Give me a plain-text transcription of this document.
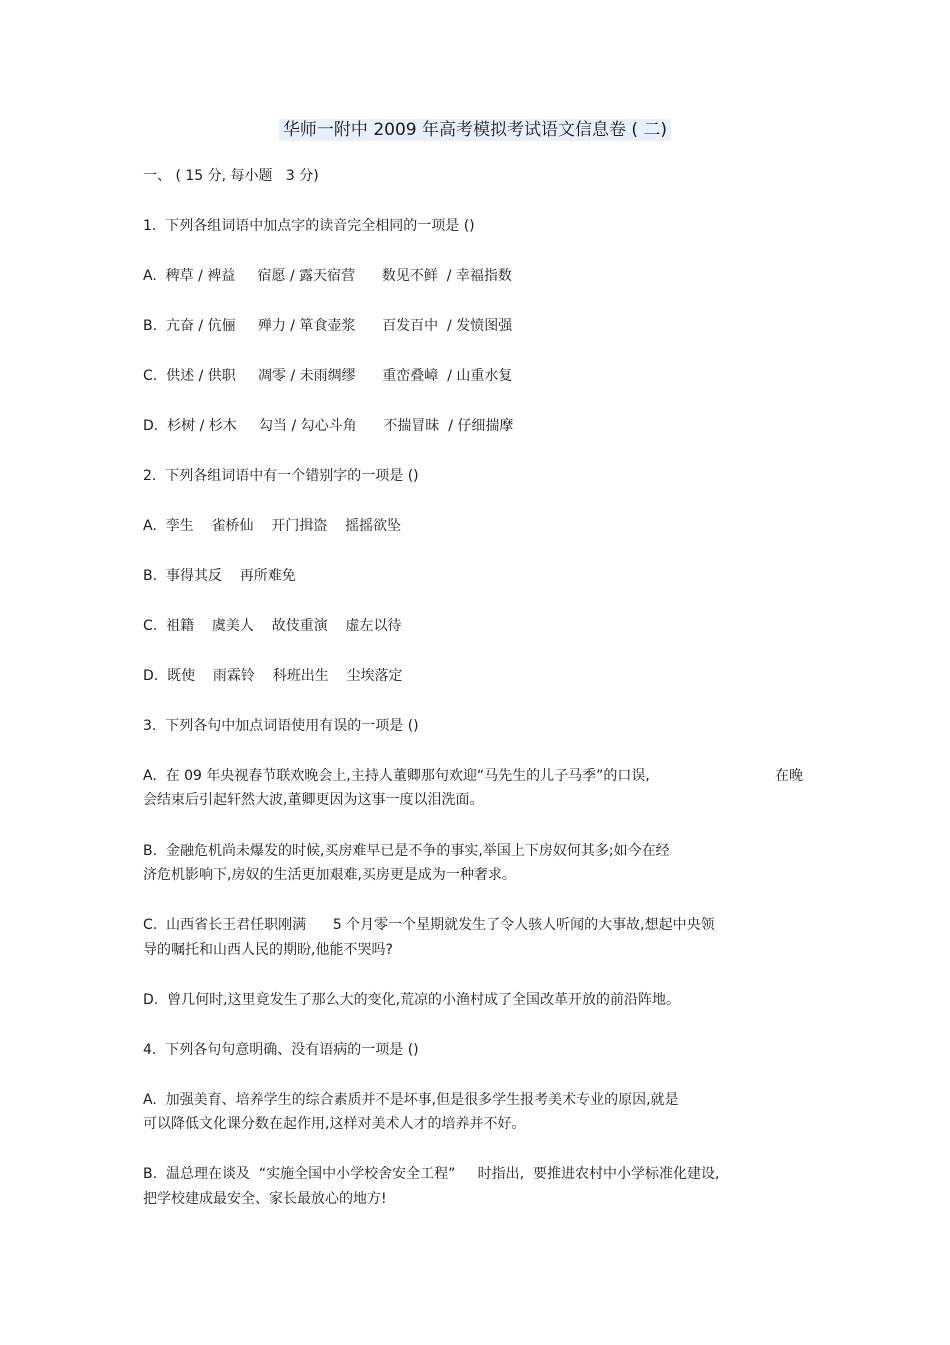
华师一附中 2009 年高考模拟考试语文信息卷 ( 二)
一、 ( 15 分, 每小题   3 分)
1.  下列各组词语中加点字的读音完全相同的一项是 ()
A.  稗草 / 裨益     宿愿 / 露天宿营      数见不鲜  / 幸福指数
B.  亢奋 / 伉俪     殚力 / 箪食壶浆      百发百中  / 发愤图强
C.  供述 / 供职     凋零 / 未雨绸缪      重峦叠嶂  / 山重水复
D.  杉树 / 杉木     勾当 / 勾心斗角      不揣冒昧  / 仔细揣摩
2.  下列各组词语中有一个错别字的一项是 ()
A.  孪生    雀桥仙    开门揖盗    摇摇欲坠
B.  事得其反    再所难免
C.  祖籍    虞美人    故伎重演    虚左以待
D.  既使    雨霖铃    科班出生    尘埃落定
3.  下列各句中加点词语使用有误的一项是 ()
A.  在 09 年央视春节联欢晚会上,主持人董卿那句欢迎“马先生的儿子马季”的口误,	在晚
会结束后引起轩然大波,董卿更因为这事一度以泪洗面。
B.  金融危机尚未爆发的时候,买房难早已是不争的事实,举国上下房奴何其多;如今在经
济危机影响下,房奴的生活更加艰难,买房更是成为一种奢求。
C.  山西省长王君任职刚满      5 个月零一个星期就发生了令人骇人听闻的大事故,想起中央领
导的嘱托和山西人民的期盼,他能不哭吗?
D.  曾几何时,这里竟发生了那么大的变化,荒凉的小渔村成了全国改革开放的前沿阵地。
4.  下列各句句意明确、没有语病的一项是 ()
A.  加强美育、培养学生的综合素质并不是坏事,但是很多学生报考美术专业的原因,就是
可以降低文化课分数在起作用,这样对美术人才的培养并不好。
B.  温总理在谈及  “实施全国中小学校舍安全工程”     时指出,  要推进农村中小学标准化建设,
把学校建成最安全、家长最放心的地方!
